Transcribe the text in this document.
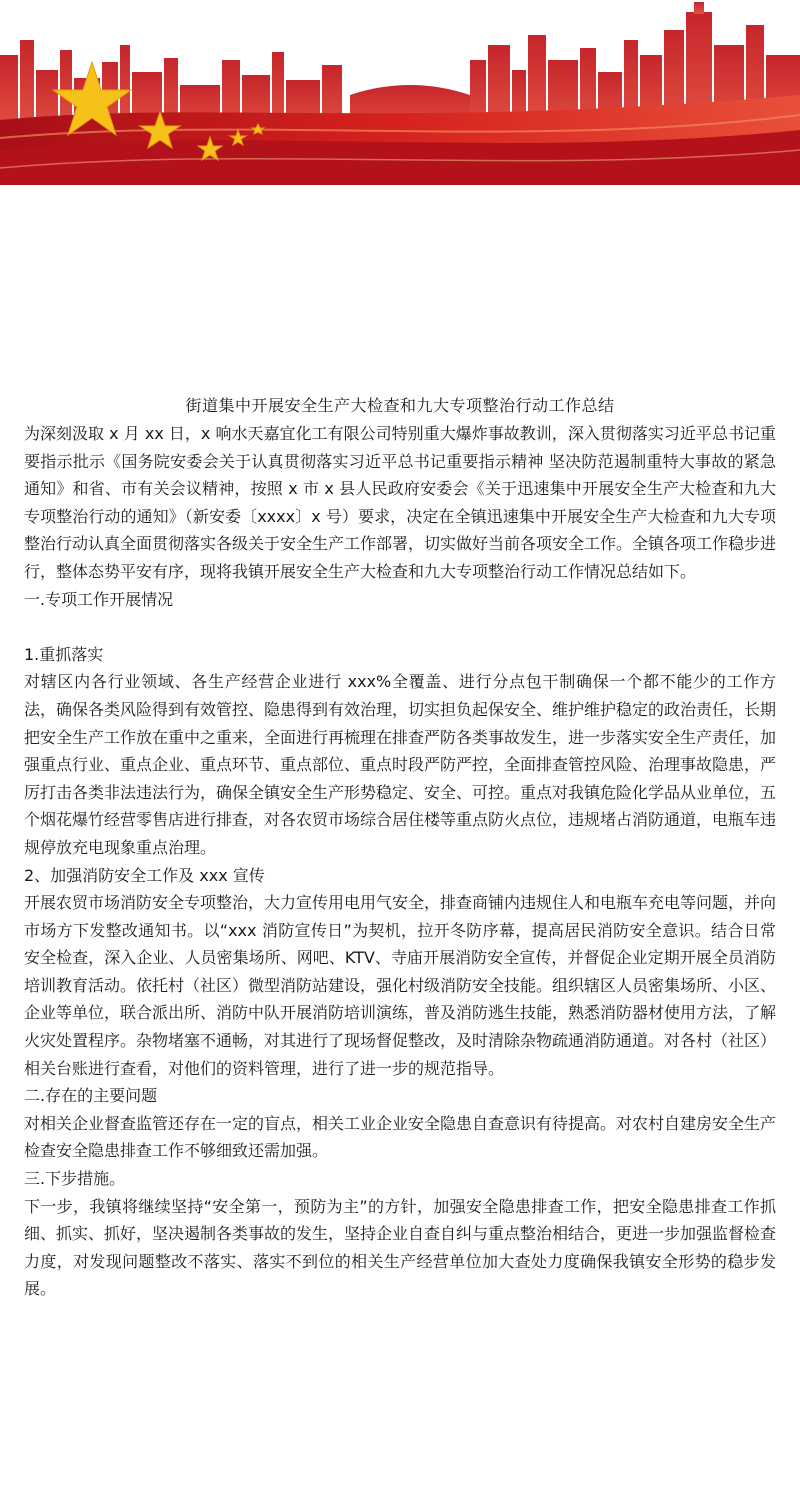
街道集中开展安全生产大检查和九大专项整治行动工作总结

为深刻汲取 x 月 xx 日，x 响水天嘉宜化工有限公司特别重大爆炸事故教训，深入贯彻落实习近平总书记重要指示批示《国务院安委会关于认真贯彻落实习近平总书记重要指示精神 坚决防范遏制重特大事故的紧急通知》和省、市有关会议精神，按照 x 市 x 县人民政府安委会《关于迅速集中开展安全生产大检查和九大专项整治行动的通知》（新安委〔xxxx〕x 号）要求，决定在全镇迅速集中开展安全生产大检查和九大专项整治行动认真全面贯彻落实各级关于安全生产工作部署，切实做好当前各项安全工作。全镇各项工作稳步进行，整体态势平安有序，现将我镇开展安全生产大检查和九大专项整治行动工作情况总结如下。

一.专项工作开展情况

1.重抓落实

对辖区内各行业领域、各生产经营企业进行 xxx%全覆盖、进行分点包干制确保一个都不能少的工作方法，确保各类风险得到有效管控、隐患得到有效治理，切实担负起保安全、维护维护稳定的政治责任，长期把安全生产工作放在重中之重来，全面进行再梳理在排查严防各类事故发生，进一步落实安全生产责任，加强重点行业、重点企业、重点环节、重点部位、重点时段严防严控，全面排查管控风险、治理事故隐患，严厉打击各类非法违法行为，确保全镇安全生产形势稳定、安全、可控。重点对我镇危险化学品从业单位，五个烟花爆竹经营零售店进行排查，对各农贸市场综合居住楼等重点防火点位，违规堵占消防通道，电瓶车违规停放充电现象重点治理。

2、加强消防安全工作及 xxx 宣传

开展农贸市场消防安全专项整治，大力宣传用电用气安全，排查商铺内违规住人和电瓶车充电等问题，并向市场方下发整改通知书。以“xxx 消防宣传日”为契机，拉开冬防序幕，提高居民消防安全意识。结合日常安全检查，深入企业、人员密集场所、网吧、KTV、寺庙开展消防安全宣传，并督促企业定期开展全员消防培训教育活动。依托村（社区）微型消防站建设，强化村级消防安全技能。组织辖区人员密集场所、小区、企业等单位，联合派出所、消防中队开展消防培训演练，普及消防逃生技能，熟悉消防器材使用方法，了解火灾处置程序。杂物堵塞不通畅，对其进行了现场督促整改，及时清除杂物疏通消防通道。对各村（社区）相关台账进行查看，对他们的资料管理，进行了进一步的规范指导。

二.存在的主要问题

对相关企业督查监管还存在一定的盲点，相关工业企业安全隐患自查意识有待提高。对农村自建房安全生产检查安全隐患排查工作不够细致还需加强。

三.下步措施。

下一步，我镇将继续坚持“安全第一，预防为主”的方针，加强安全隐患排查工作，把安全隐患排查工作抓细、抓实、抓好，坚决遏制各类事故的发生，坚持企业自查自纠与重点整治相结合，更进一步加强监督检查力度，对发现问题整改不落实、落实不到位的相关生产经营单位加大查处力度确保我镇安全形势的稳步发展。
